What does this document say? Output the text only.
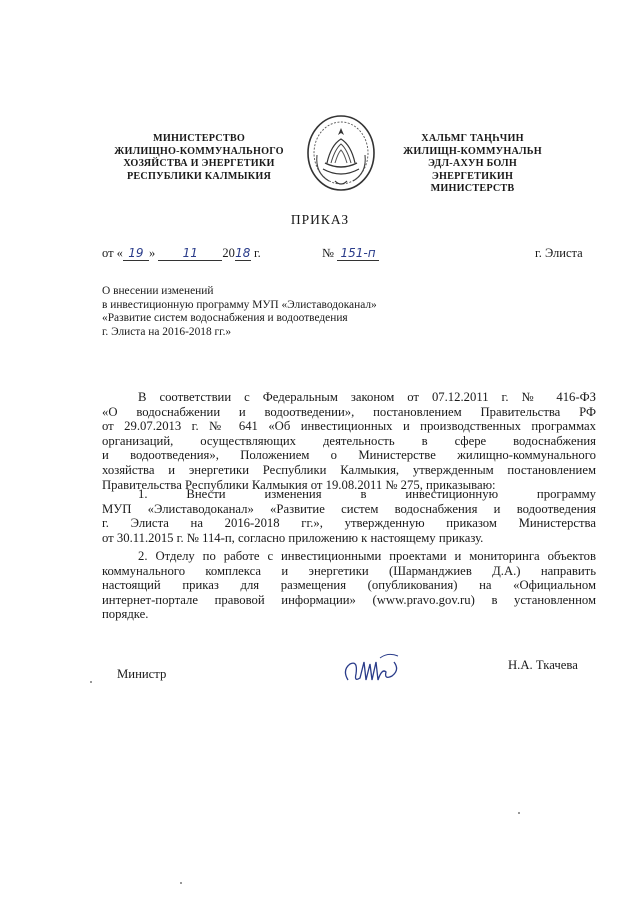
МИНИСТЕРСТВО
ЖИЛИЩНО-КОММУНАЛЬНОГО
ХОЗЯЙСТВА И ЭНЕРГЕТИКИ
РЕСПУБЛИКИ КАЛМЫКИЯ
ХАЛЬМГ ТАҢҺЧИН
ЖИЛИЩН-КОММУНАЛЬН
ЭДЛ-АХУН БОЛН
ЭНЕРГЕТИКИН
МИНИСТЕРСТВ
ПРИКАЗ
от « 19 » 11 2018 г.	№ 151-п	г. Элиста
О внесении изменений
в инвестиционную программу МУП «Элиставодоканал»
«Развитие систем водоснабжения и водоотведения
г. Элиста на 2016-2018 гг.»
В соответствии с Федеральным законом от 07.12.2011 г. № 416-ФЗ
«О водоснабжении и водоотведении», постановлением Правительства РФ
от 29.07.2013 г. № 641 «Об инвестиционных и производственных программах
организаций, осуществляющих деятельность в сфере водоснабжения
и водоотведения», Положением о Министерстве жилищно-коммунального
хозяйства и энергетики Республики Калмыкия, утвержденным постановлением
Правительства Республики Калмыкия от 19.08.2011 № 275, приказываю:
1. Внести изменения в инвестиционную программу
МУП «Элиставодоканал» «Развитие систем водоснабжения и водоотведения
г. Элиста на 2016-2018 гг.», утвержденную приказом Министерства
от 30.11.2015 г. № 114-п, согласно приложению к настоящему приказу.
2. Отделу по работе с инвестиционными проектами и мониторинга объектов
коммунального комплекса и энергетики (Шарманджиев Д.А.) направить
настоящий приказ для размещения (опубликования) на «Официальном
интернет-портале правовой информации» (www.pravo.gov.ru) в установленном
порядке.
Министр
Н.А. Ткачева
